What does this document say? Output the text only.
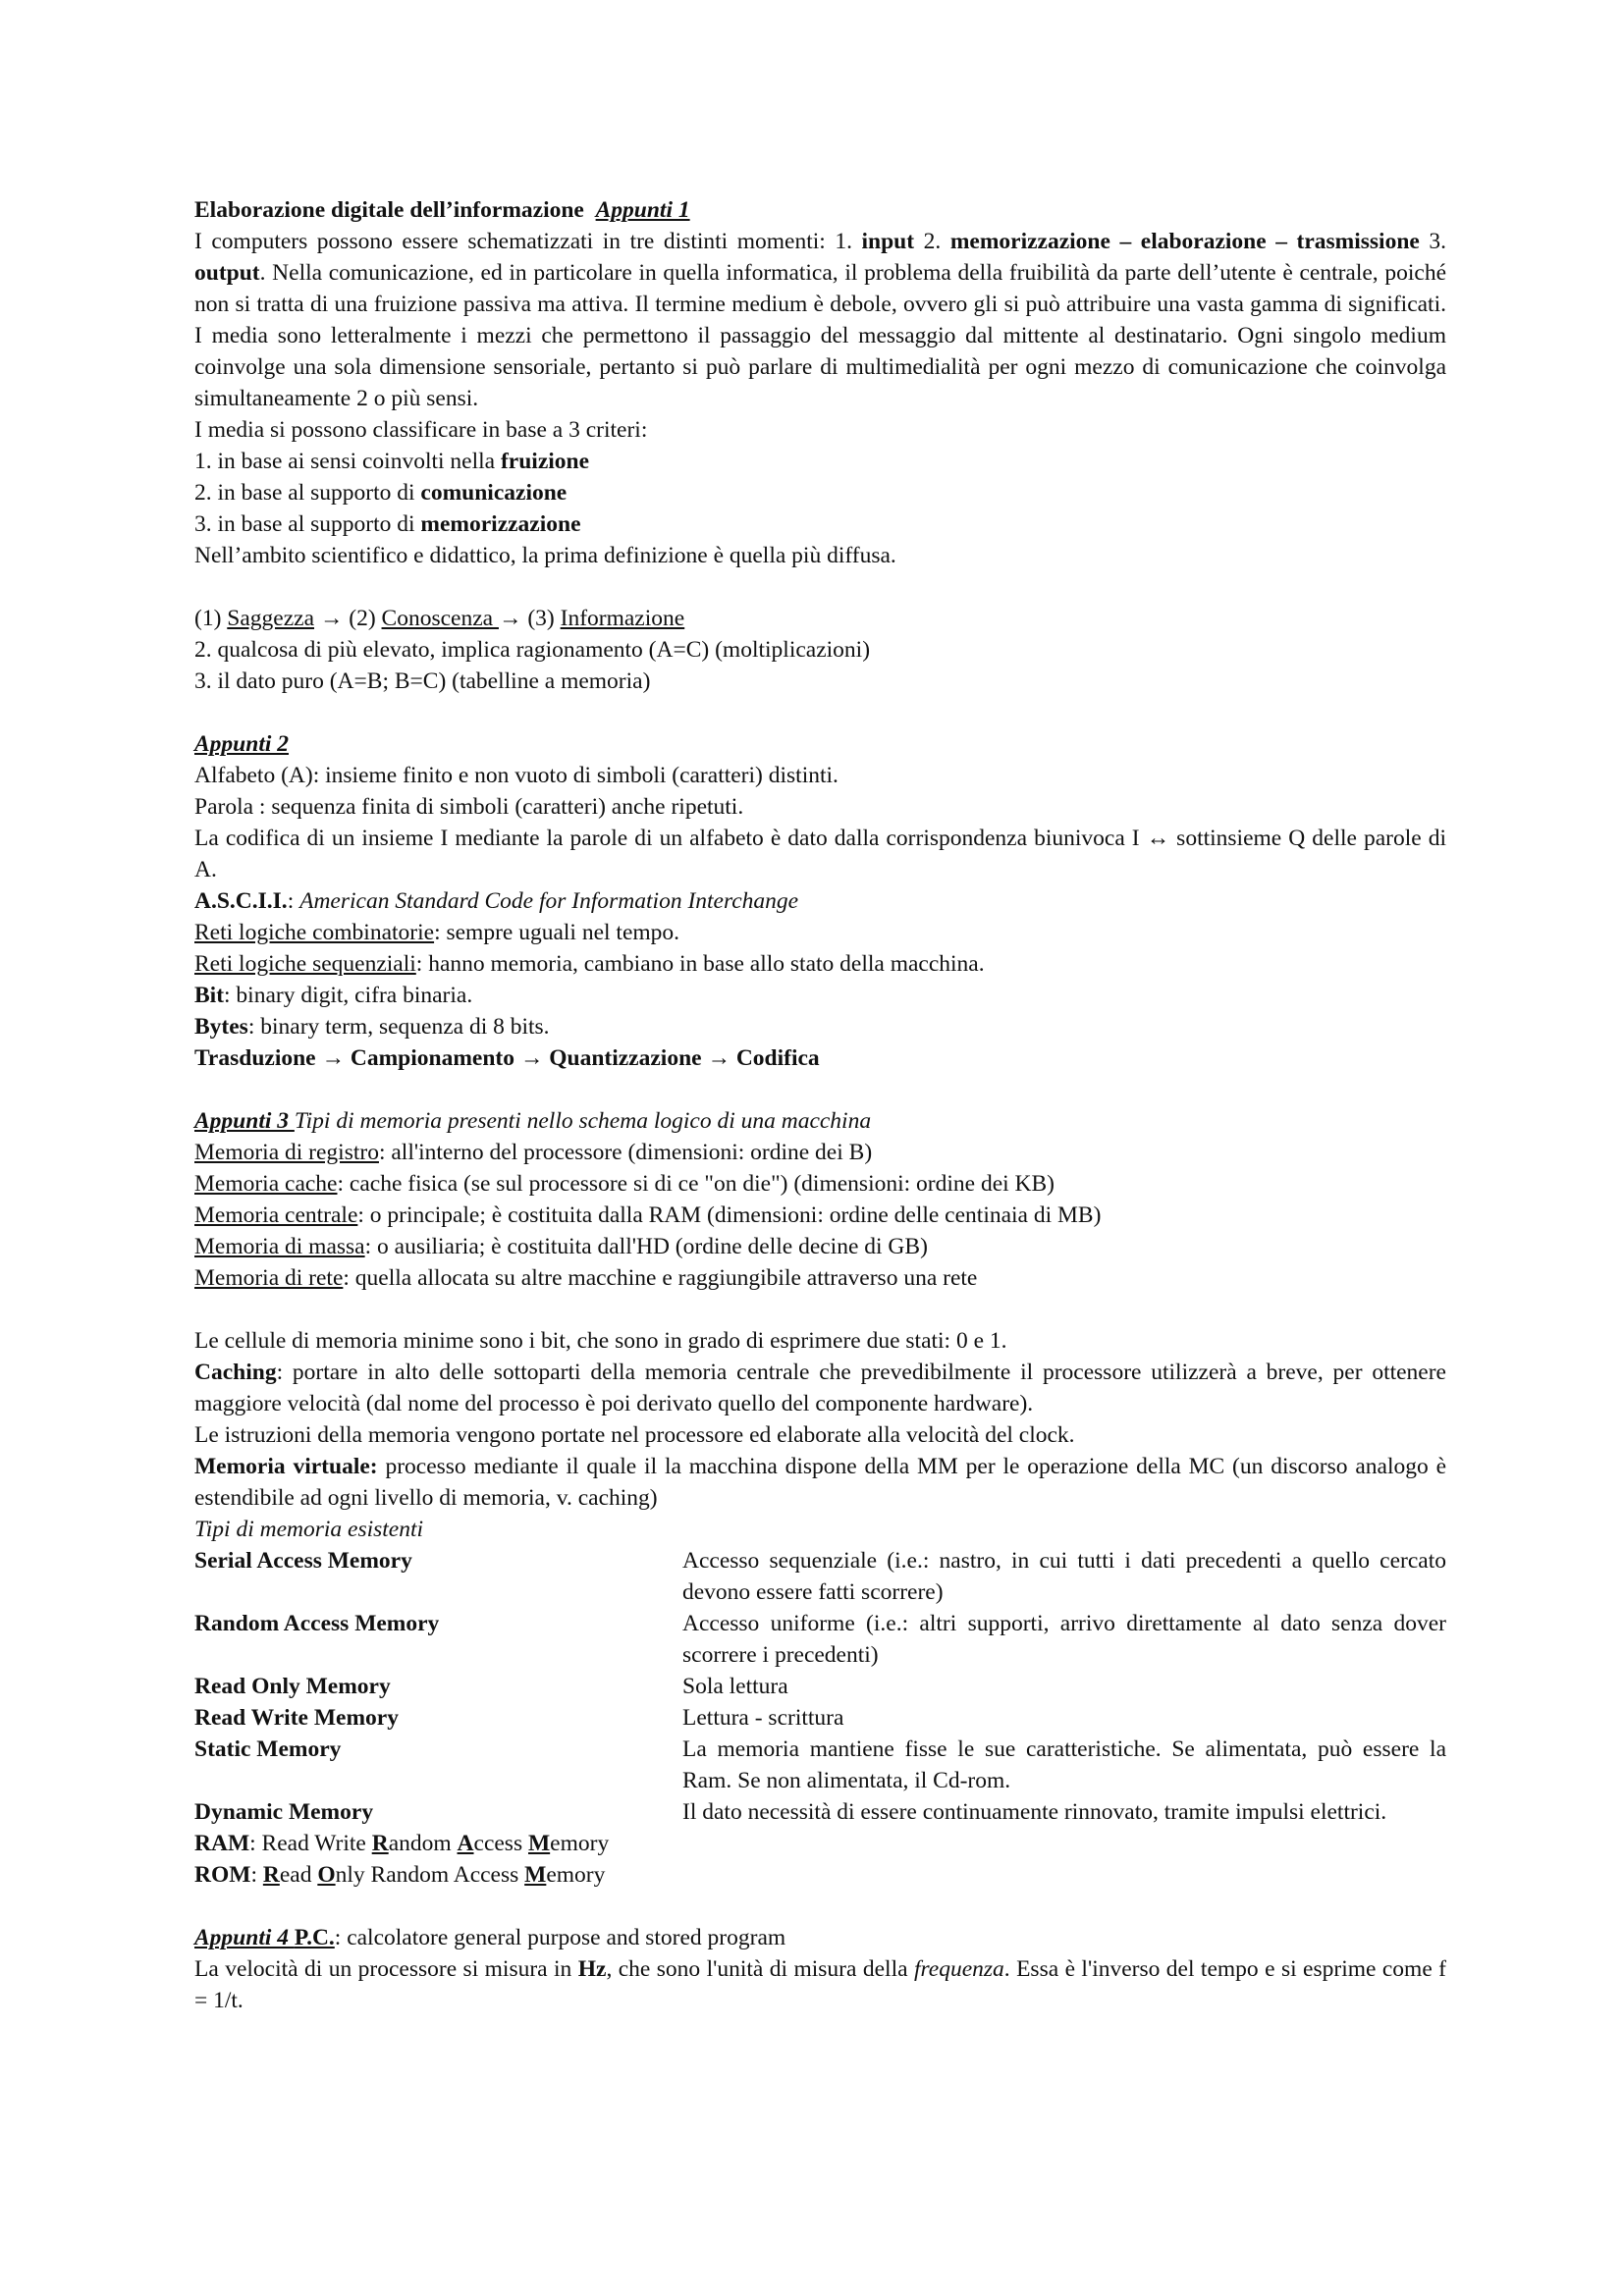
Elaborazione digitale dell’informazione Appunti 1

I computers possono essere schematizzati in tre distinti momenti: 1. input 2. memorizzazione – elaborazione – trasmissione 3. output. Nella comunicazione, ed in particolare in quella informatica, il problema della fruibilità da parte dell’utente è centrale, poiché non si tratta di una fruizione passiva ma attiva. Il termine medium è debole, ovvero gli si può attribuire una vasta gamma di significati. I media sono letteralmente i mezzi che permettono il passaggio del messaggio dal mittente al destinatario. Ogni singolo medium coinvolge una sola dimensione sensoriale, pertanto si può parlare di multimedialità per ogni mezzo di comunicazione che coinvolga simultaneamente 2 o più sensi.

I media si possono classificare in base a 3 criteri:

1. in base ai sensi coinvolti nella fruizione

2. in base al supporto di comunicazione

3. in base al supporto di memorizzazione

Nell’ambito scientifico e didattico, la prima definizione è quella più diffusa.

(1) Saggezza → (2) Conoscenza → (3) Informazione

2. qualcosa di più elevato, implica ragionamento (A=C) (moltiplicazioni)

3. il dato puro (A=B; B=C) (tabelline a memoria)

Appunti 2

Alfabeto (A): insieme finito e non vuoto di simboli (caratteri) distinti.

Parola : sequenza finita di simboli (caratteri) anche ripetuti.

La codifica di un insieme I mediante la parole di un alfabeto è dato dalla corrispondenza biunivoca I ↔ sottinsieme Q delle parole di A.

A.S.C.I.I.: American Standard Code for Information Interchange

Reti logiche combinatorie: sempre uguali nel tempo.

Reti logiche sequenziali: hanno memoria, cambiano in base allo stato della macchina.

Bit: binary digit, cifra binaria.

Bytes: binary term, sequenza di 8 bits.

Trasduzione → Campionamento → Quantizzazione → Codifica

Appunti 3 Tipi di memoria presenti nello schema logico di una macchina

Memoria di registro: all'interno del processore (dimensioni: ordine dei B)

Memoria cache: cache fisica (se sul processore si di ce "on die") (dimensioni: ordine dei KB)

Memoria centrale: o principale; è costituita dalla RAM (dimensioni: ordine delle centinaia di MB)

Memoria di massa: o ausiliaria; è costituita dall'HD (ordine delle decine di GB)

Memoria di rete: quella allocata su altre macchine e raggiungibile attraverso una rete

Le cellule di memoria minime sono i bit, che sono in grado di esprimere due stati: 0 e 1.

Caching: portare in alto delle sottoparti della memoria centrale che prevedibilmente il processore utilizzerà a breve, per ottenere maggiore velocità (dal nome del processo è poi derivato quello del componente hardware).

Le istruzioni della memoria vengono portate nel processore ed elaborate alla velocità del clock.

Memoria virtuale: processo mediante il quale il la macchina dispone della MM per le operazione della MC (un discorso analogo è estendibile ad ogni livello di memoria, v. caching)

Tipi di memoria esistenti

Serial Access Memory	Accesso sequenziale (i.e.: nastro, in cui tutti i dati precedenti a quello cercato devono essere fatti scorrere)
Random Access Memory	Accesso uniforme (i.e.: altri supporti, arrivo direttamente al dato senza dover scorrere i precedenti)
Read Only Memory	Sola lettura
Read Write Memory	Lettura - scrittura
Static Memory	La memoria mantiene fisse le sue caratteristiche. Se alimentata, può essere la Ram. Se non alimentata, il Cd-rom.
Dynamic Memory	Il dato necessità di essere continuamente rinnovato, tramite impulsi elettrici.

RAM: Read Write Random Access Memory

ROM: Read Only Random Access Memory

Appunti 4 P.C.: calcolatore general purpose and stored program

La velocità di un processore si misura in Hz, che sono l'unità di misura della frequenza. Essa è l'inverso del tempo e si esprime come f = 1/t.
